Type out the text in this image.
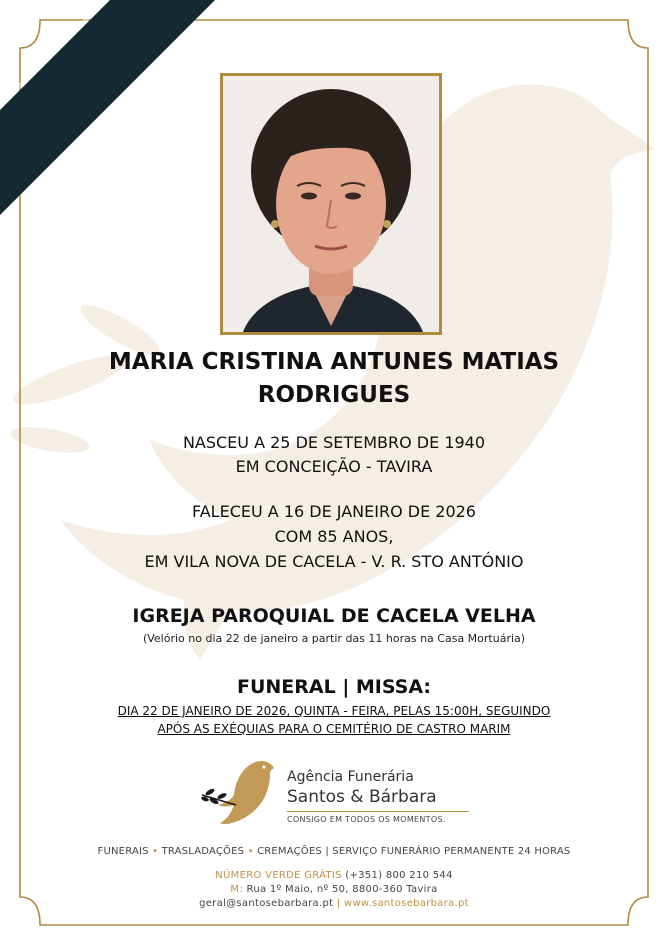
MARIA CRISTINA ANTUNES MATIAS
RODRIGUES
NASCEU A 25 DE SETEMBRO DE 1940
EM CONCEIÇÃO - TAVIRA
FALECEU A 16 DE JANEIRO DE 2026
COM 85 ANOS,
EM VILA NOVA DE CACELA - V. R. STO ANTÓNIO
IGREJA PAROQUIAL DE CACELA VELHA
(Velório no dia 22 de janeiro a partir das 11 horas na Casa Mortuária)
FUNERAL | MISSA:
DIA 22 DE JANEIRO DE 2026, QUINTA - FEIRA, PELAS 15:00H, SEGUINDO
APÓS AS EXÉQUIAS PARA O CEMITÉRIO DE CASTRO MARIM
Agência Funerária
Santos & Bárbara
CONSIGO EM TODOS OS MOMENTOS.
FUNERAIS • TRASLADAÇÕES • CREMAÇÕES | SERVIÇO FUNERÁRIO PERMANENTE 24 HORAS
NÚMERO VERDE GRÁTIS (+351) 800 210 544
M: Rua 1º Maio, nº 50, 8800-360 Tavira
geral@santosebarbara.pt | www.santosebarbara.pt
